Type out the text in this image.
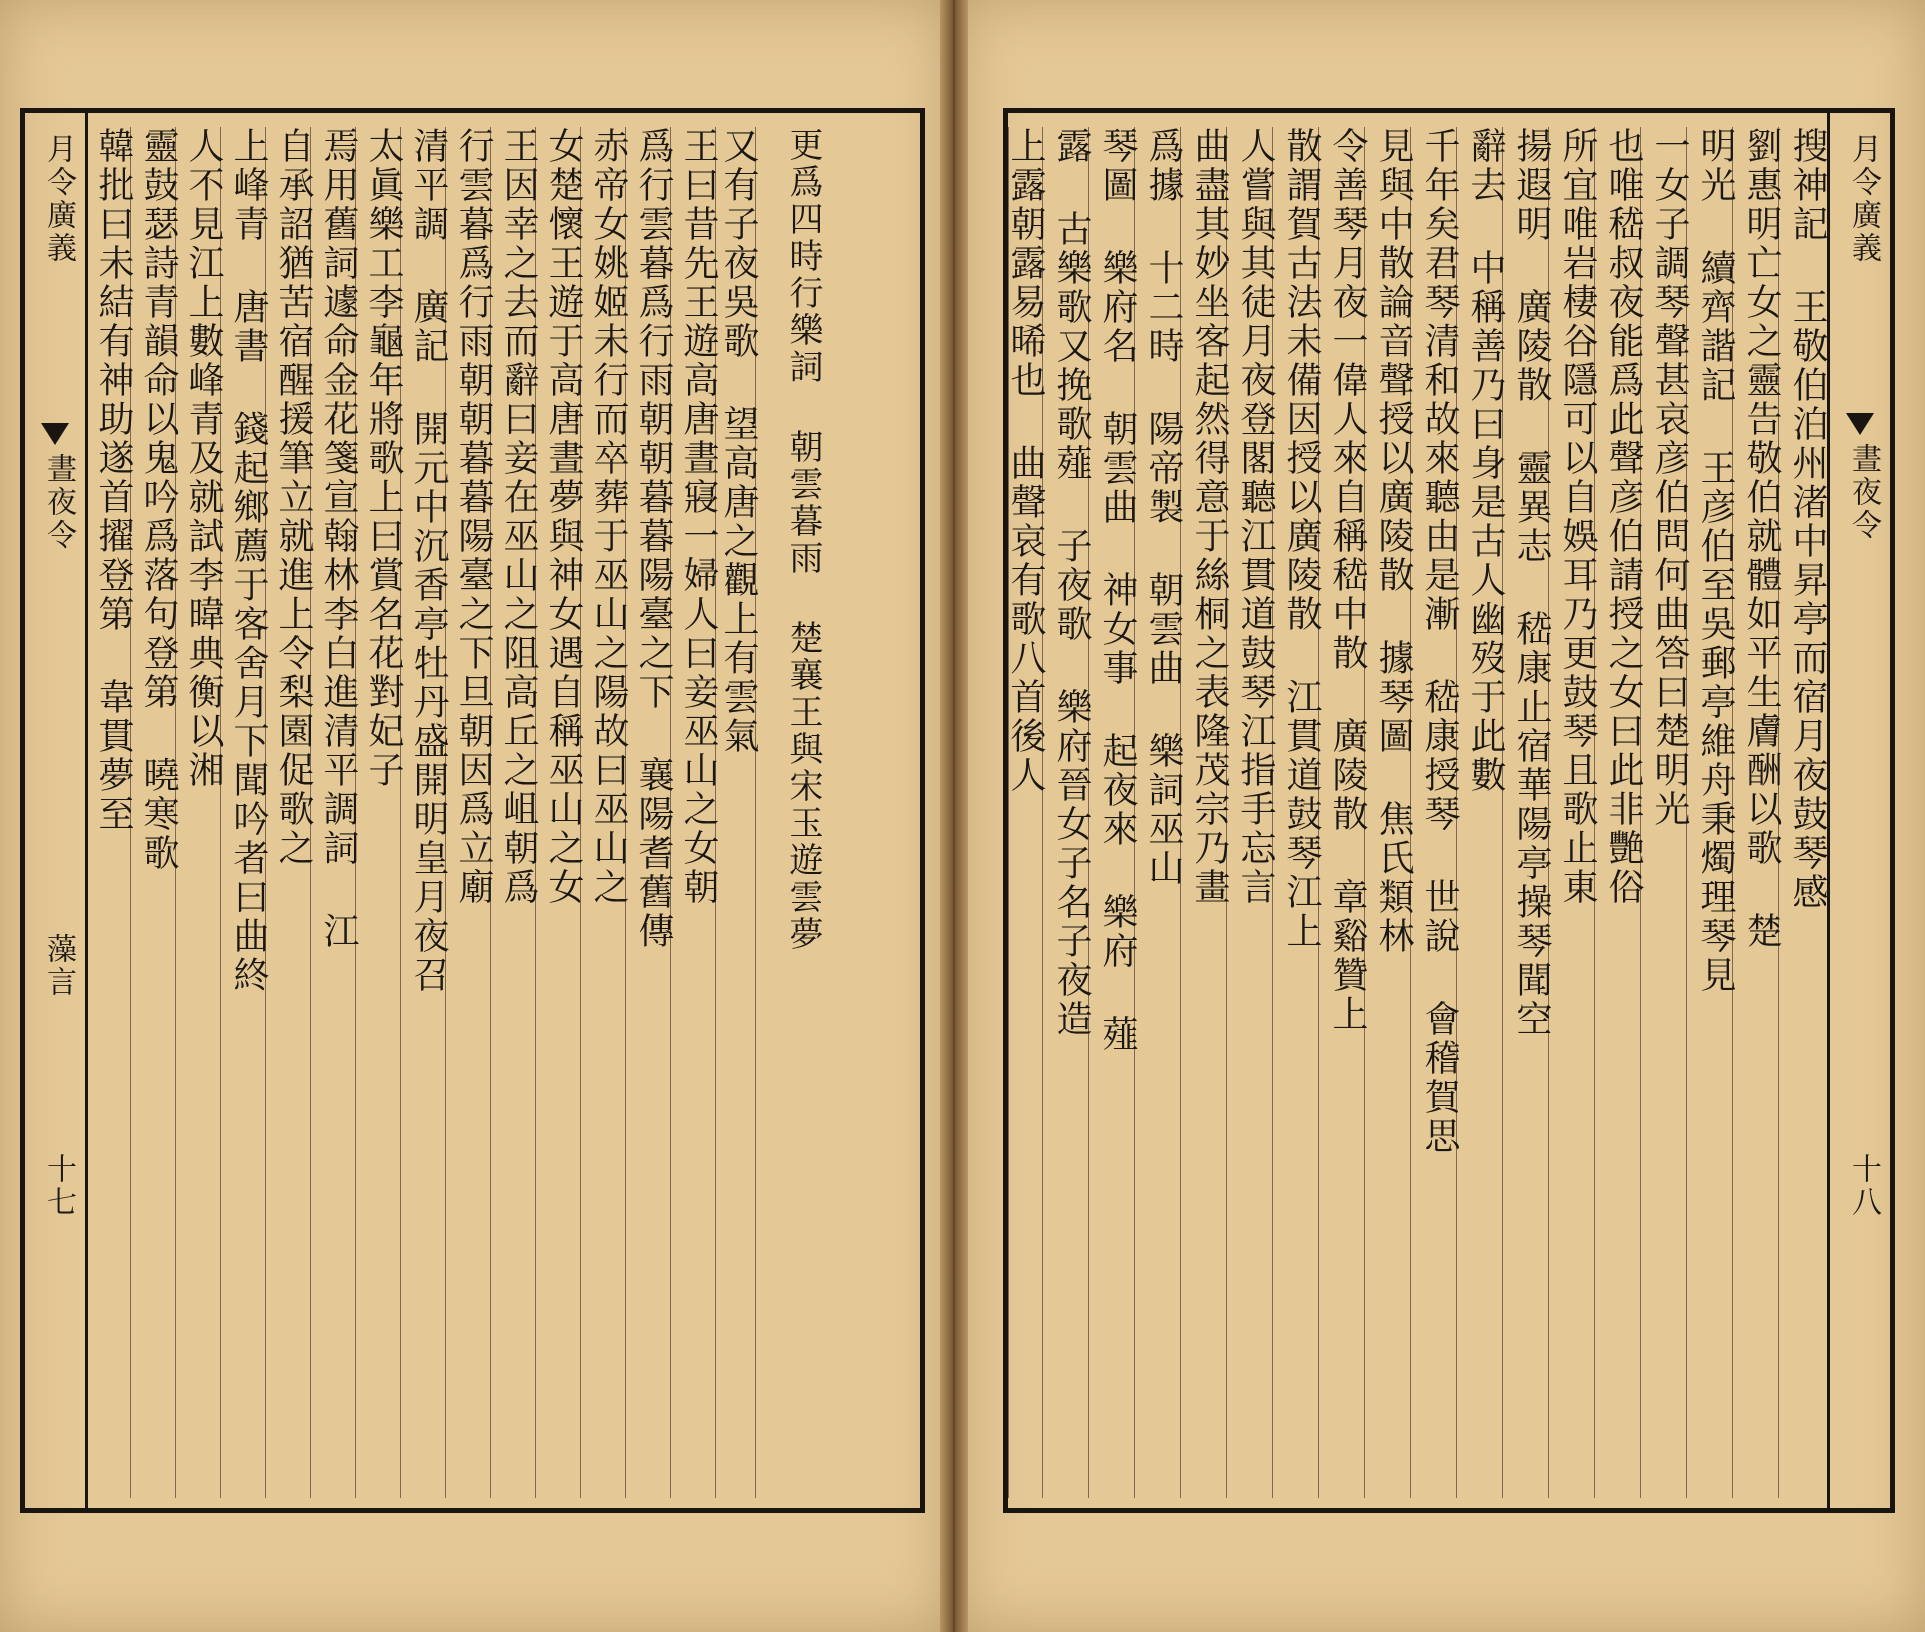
更爲四時行樂詞 朝雲暮雨 楚襄王與宋玉遊雲夢
又有子夜吳歌 望高唐之觀上有雲氣
王曰昔先王遊高唐晝寢一婦人曰妾巫山之女朝
爲行雲暮爲行雨朝朝暮暮陽臺之下 襄陽耆舊傳
赤帝女姚姬未行而卒葬于巫山之陽故曰巫山之
女楚懷王遊于高唐晝夢與神女遇自稱巫山之女
王因幸之去而辭曰妾在巫山之阻高丘之岨朝爲
行雲暮爲行雨朝朝暮暮陽臺之下旦朝因爲立廟
清平調 廣記 開元中沉香亭牡丹盛開明皇月夜召
太眞樂工李龜年將歌上曰賞名花對妃子
焉用舊詞遽命金花箋宣翰林李白進清平調詞 江
自承詔猶苦宿醒援筆立就進上令梨園促歌之
上峰青 唐書 錢起鄉薦于客舍月下聞吟者曰曲終
人不見江上數峰青及就試李暐典衡以湘
靈鼓瑟詩青韻命以鬼吟爲落句登第 曉寒歌
韓批曰未結有神助遂首擢登第 韋貫夢至
月令廣義
晝夜令
藻言
十七
搜神記 王敬伯泊州渚中昇亭而宿月夜鼓琴感
劉惠明亡女之靈告敬伯就體如平生膚酬以歌 楚
明光 續齊諧記 王彦伯至吳郵亭維舟秉燭理琴見
一女子調琴聲甚哀彦伯問何曲答曰楚明光
也唯嵇叔夜能爲此聲彦伯請授之女曰此非艷俗
所宜唯岩棲谷隱可以自娛耳乃更鼓琴且歌止東
揚遐明 廣陵散 靈異志 嵇康止宿華陽亭操琴聞空
辭去 中稱善乃曰身是古人幽歿于此數
千年矣君琴清和故來聽由是漸 嵇康授琴 世說 會稽賀思
見與中散論音聲授以廣陵散 據琴圖 焦氏類林
令善琴月夜一偉人來自稱嵇中散 廣陵散 章谿贊上
散謂賀古法未備因授以廣陵散 江貫道鼓琴江上
人嘗與其徒月夜登閣聽江貫道鼓琴江指手忘言
曲盡其妙坐客起然得意于絲桐之表隆茂宗乃畫
爲據 十二時 陽帝製 朝雲曲 樂詞巫山
琴圖 樂府名 朝雲曲 神女事 起夜來 樂府 薤
露 古樂歌又挽歌薤 子夜歌 樂府晉女子名子夜造
上露朝露易晞也 曲聲哀有歌八首後人	月令廣義
晝夜令
十八
